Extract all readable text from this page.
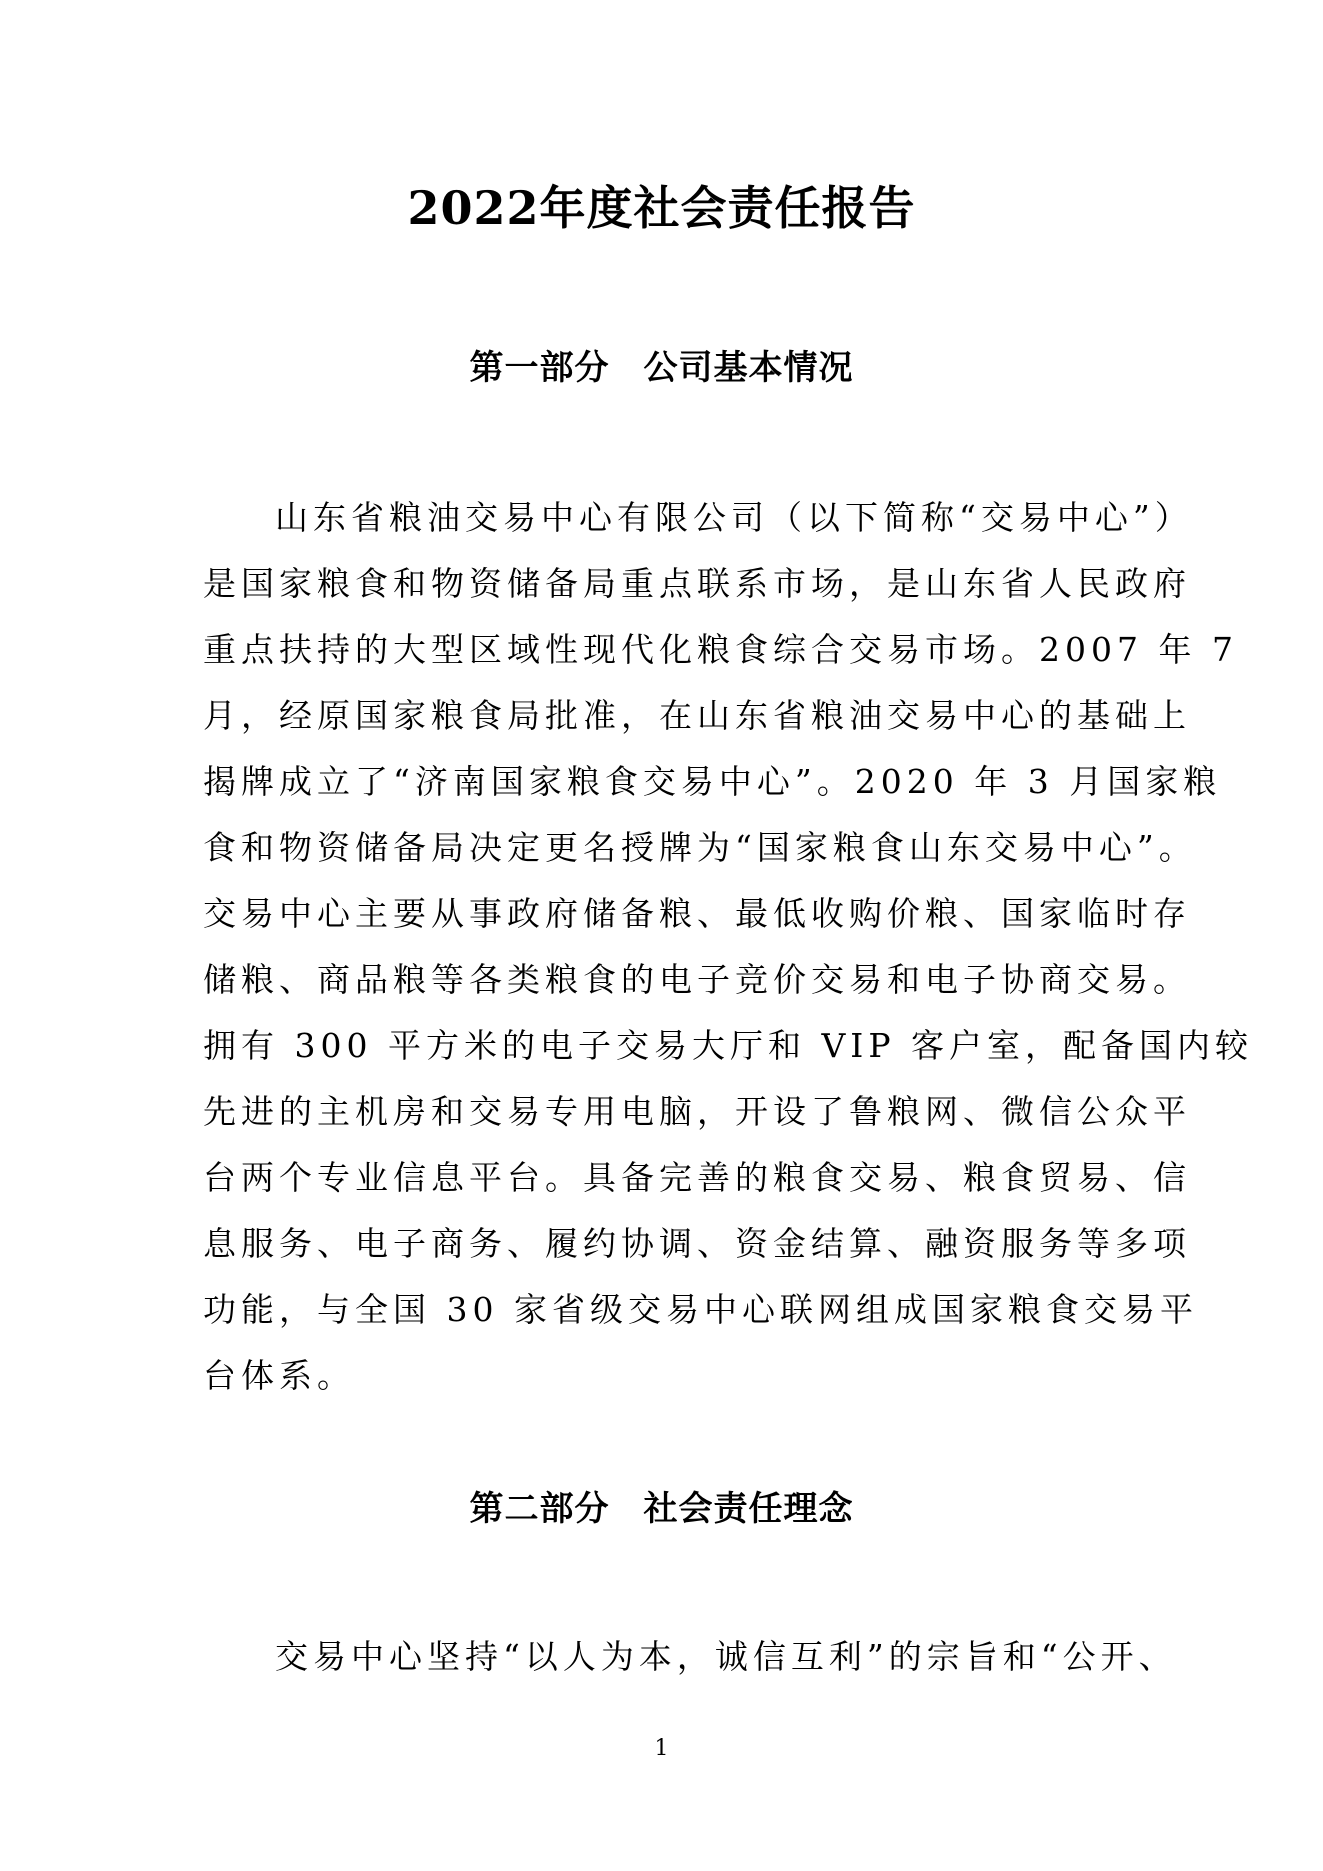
2022年度社会责任报告
第一部分 公司基本情况
山东省粮油交易中心有限公司（以下简称“交易中心”）
是国家粮食和物资储备局重点联系市场，是山东省人民政府
重点扶持的大型区域性现代化粮食综合交易市场。2007 年 7
月，经原国家粮食局批准，在山东省粮油交易中心的基础上
揭牌成立了“济南国家粮食交易中心”。2020 年 3 月国家粮
食和物资储备局决定更名授牌为“国家粮食山东交易中心”。
交易中心主要从事政府储备粮、最低收购价粮、国家临时存
储粮、商品粮等各类粮食的电子竞价交易和电子协商交易。
拥有 300 平方米的电子交易大厅和 VIP 客户室，配备国内较
先进的主机房和交易专用电脑，开设了鲁粮网、微信公众平
台两个专业信息平台。具备完善的粮食交易、粮食贸易、信
息服务、电子商务、履约协调、资金结算、融资服务等多项
功能，与全国 30 家省级交易中心联网组成国家粮食交易平
台体系。
第二部分 社会责任理念
交易中心坚持“以人为本，诚信互利”的宗旨和“公开、
1
